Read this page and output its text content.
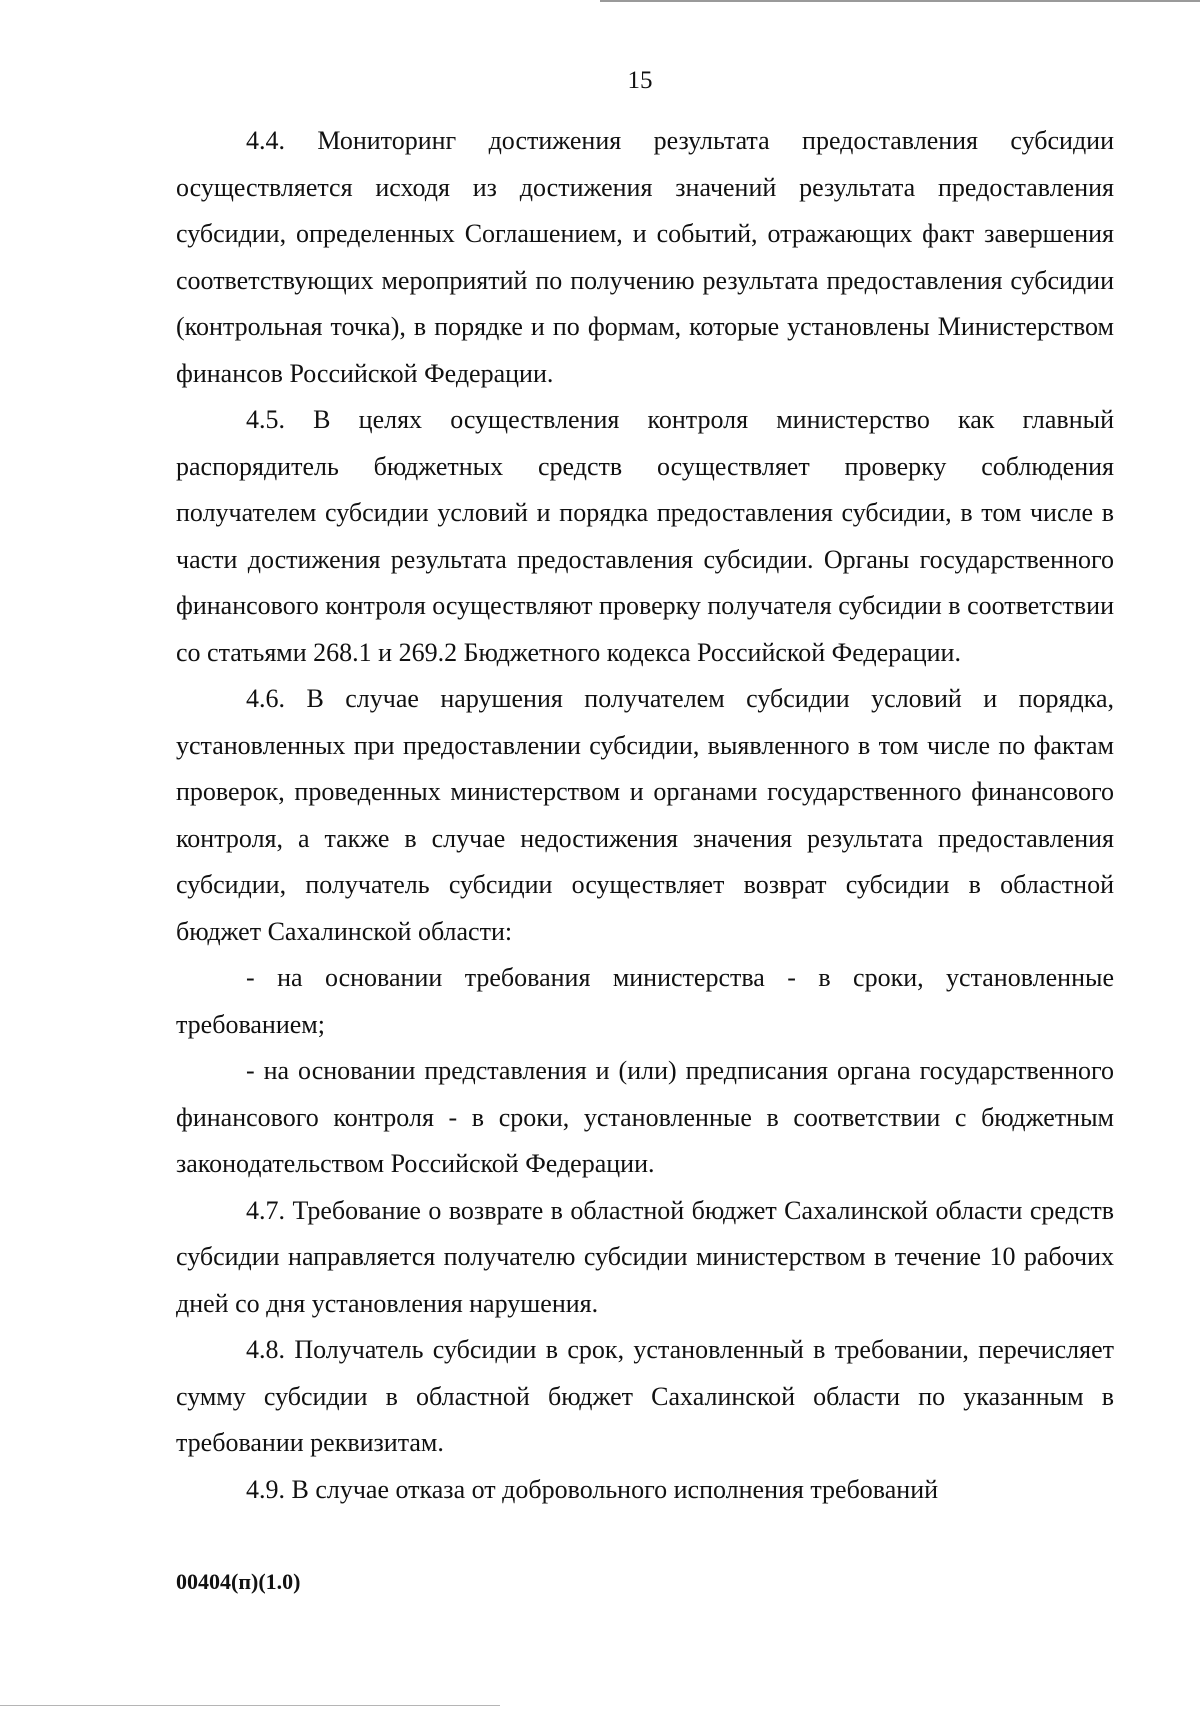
15

4.4. Мониторинг достижения результата предоставления субсидии осуществляется исходя из достижения значений результата предоставления субсидии, определенных Соглашением, и событий, отражающих факт завершения соответствующих мероприятий по получению результата предоставления субсидии (контрольная точка), в порядке и по формам, которые установлены Министерством финансов Российской Федерации.

4.5. В целях осуществления контроля министерство как главный распорядитель бюджетных средств осуществляет проверку соблюдения получателем субсидии условий и порядка предоставления субсидии, в том числе в части достижения результата предоставления субсидии. Органы государственного финансового контроля осуществляют проверку получателя субсидии в соответствии со статьями 268.1 и 269.2 Бюджетного кодекса Российской Федерации.

4.6. В случае нарушения получателем субсидии условий и порядка, установленных при предоставлении субсидии, выявленного в том числе по фактам проверок, проведенных министерством и органами государственного финансового контроля, а также в случае недостижения значения результата предоставления субсидии, получатель субсидии осуществляет возврат субсидии в областной бюджет Сахалинской области:

- на основании требования министерства - в сроки, установленные требованием;

- на основании представления и (или) предписания органа государственного финансового контроля - в сроки, установленные в соответствии с бюджетным законодательством Российской Федерации.

4.7. Требование о возврате в областной бюджет Сахалинской области средств субсидии направляется получателю субсидии министерством в течение 10 рабочих дней со дня установления нарушения.

4.8. Получатель субсидии в срок, установленный в требовании, перечисляет сумму субсидии в областной бюджет Сахалинской области по указанным в требовании реквизитам.

4.9. В случае отказа от добровольного исполнения требований

00404(п)(1.0)
